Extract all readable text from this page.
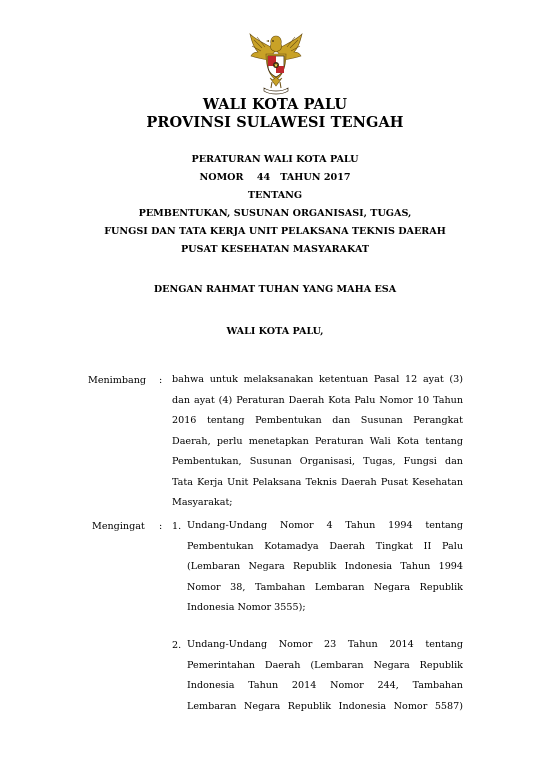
WALI KOTA PALU
PROVINSI SULAWESI TENGAH
PERATURAN WALI KOTA PALU
NOMOR    44   TAHUN 2017
TENTANG
PEMBENTUKAN, SUSUNAN ORGANISASI, TUGAS,
FUNGSI DAN TATA KERJA UNIT PELAKSANA TEKNIS DAERAH
PUSAT KESEHATAN MASYARAKAT
DENGAN RAHMAT TUHAN YANG MAHA ESA
WALI KOTA PALU,
Menimbang : bahwa untuk melaksanakan ketentuan Pasal 12 ayat (3)
dan ayat (4) Peraturan Daerah Kota Palu Nomor 10 Tahun
2016 tentang Pembentukan dan Susunan Perangkat
Daerah, perlu menetapkan Peraturan Wali Kota tentang
Pembentukan, Susunan Organisasi, Tugas, Fungsi dan
Tata Kerja Unit Pelaksana Teknis Daerah Pusat Kesehatan
Masyarakat;
Mengingat : 1. Undang-Undang Nomor 4 Tahun 1994 tentang
Pembentukan Kotamadya Daerah Tingkat II Palu
(Lembaran Negara Republik Indonesia Tahun 1994
Nomor 38, Tambahan Lembaran Negara Republik
Indonesia Nomor 3555);
2. Undang-Undang Nomor 23 Tahun 2014 tentang
Pemerintahan Daerah (Lembaran Negara Republik
Indonesia Tahun 2014 Nomor 244, Tambahan
Lembaran Negara Republik Indonesia Nomor 5587)
